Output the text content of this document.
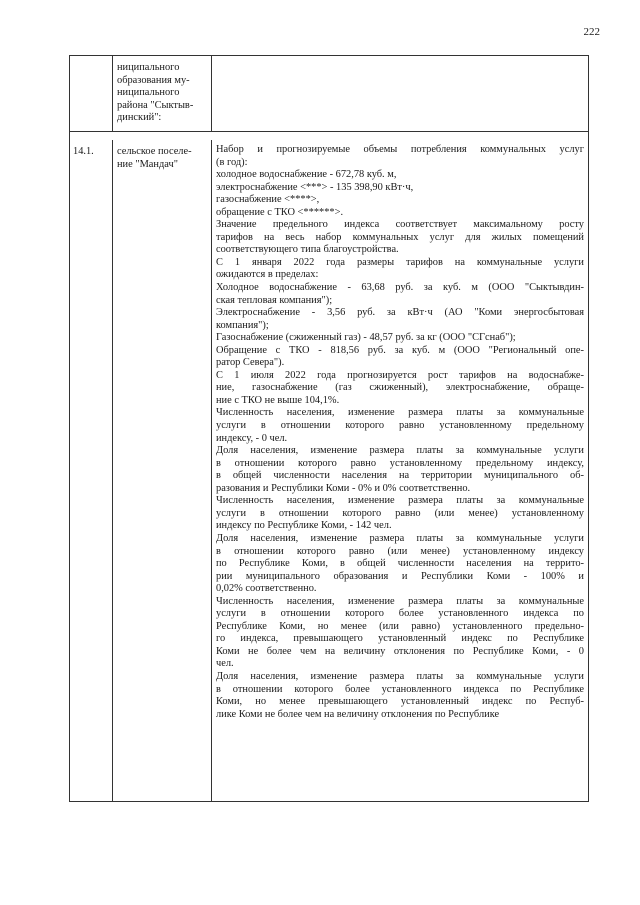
222
ниципального
образования му-
ниципального
района "Сыктыв-
динский":
14.1.	сельское поселе-
ние "Мандач"
Набор и прогнозируемые объемы потребления коммунальных услуг
(в год):
холодное водоснабжение - 672,78 куб. м,
электроснабжение <***> - 135 398,90 кВт·ч,
газоснабжение <****>,
обращение с ТКО <******>.
Значение предельного индекса соответствует максимальному росту
тарифов на весь набор коммунальных услуг для жилых помещений
соответствующего типа благоустройства.
С 1 января 2022 года размеры тарифов на коммунальные услуги
ожидаются в пределах:
Холодное водоснабжение - 63,68 руб. за куб. м (ООО "Сыктывдин-
ская тепловая компания");
Электроснабжение - 3,56 руб. за кВт·ч (АО "Коми энергосбытовая
компания");
Газоснабжение (сжиженный газ) - 48,57 руб. за кг (ООО "СГснаб");
Обращение с ТКО - 818,56 руб. за куб. м (ООО "Региональный опе-
ратор Севера").
С 1 июля 2022 года прогнозируется рост тарифов на водоснабже-
ние, газоснабжение (газ сжиженный), электроснабжение, обраще-
ние с ТКО не выше 104,1%.
Численность населения, изменение размера платы за коммунальные
услуги в отношении которого равно установленному предельному
индексу, - 0 чел.
Доля населения, изменение размера платы за коммунальные услуги
в отношении которого равно установленному предельному индексу,
в общей численности населения на территории муниципального об-
разования и Республики Коми - 0% и 0% соответственно.
Численность населения, изменение размера платы за коммунальные
услуги в отношении которого равно (или менее) установленному
индексу по Республике Коми, - 142 чел.
Доля населения, изменение размера платы за коммунальные услуги
в отношении которого равно (или менее) установленному индексу
по Республике Коми, в общей численности населения на террито-
рии муниципального образования и Республики Коми - 100% и
0,02% соответственно.
Численность населения, изменение размера платы за коммунальные
услуги в отношении которого более установленного индекса по
Республике Коми, но менее (или равно) установленного предельно-
го индекса, превышающего установленный индекс по Республике
Коми не более чем на величину отклонения по Республике Коми, - 0
чел.
Доля населения, изменение размера платы за коммунальные услуги
в отношении которого более установленного индекса по Республике
Коми, но менее превышающего установленный индекс по Респуб-
лике Коми не более чем на величину отклонения по Республике
